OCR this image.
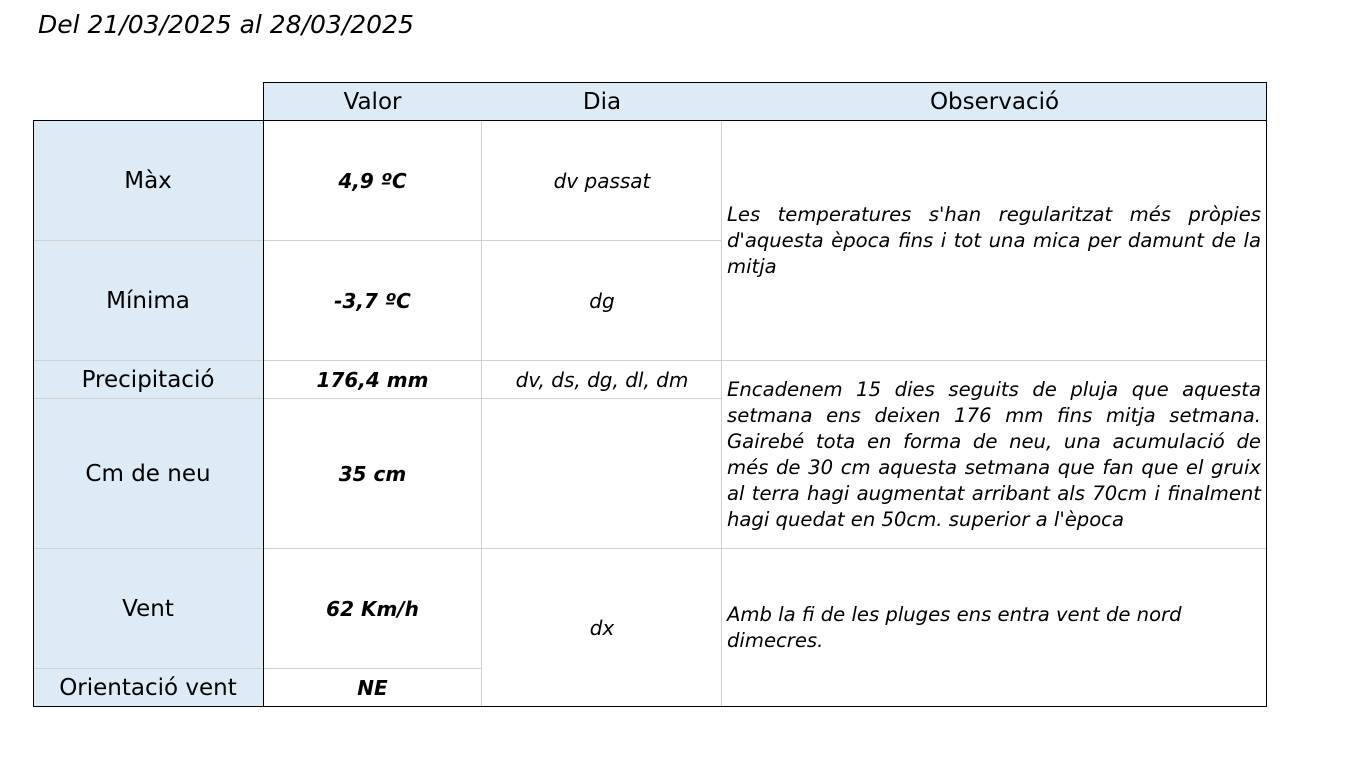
Del 21/03/2025 al 28/03/2025
Valor	Dia	Observació
Màx
Mínima
Precipitació
Cm de neu
Vent
Orientació vent
4,9 ºC
-3,7 ºC
176,4 mm
35 cm
62 Km/h
NE
dv passat
dg
dv, ds, dg, dl, dm
dx
Les temperatures s'han regularitzat més pròpies d'aquesta època fins i tot una mica per damunt de la mitja
Encadenem 15 dies seguits de pluja que aquesta setmana ens deixen 176 mm fins mitja setmana. Gairebé tota en forma de neu, una acumulació de més de 30 cm aquesta setmana que fan que el gruix al terra hagi augmentat arribant als 70cm i finalment hagi quedat en 50cm. superior a l'època
Amb la fi de les pluges ens entra vent de nord dimecres.
